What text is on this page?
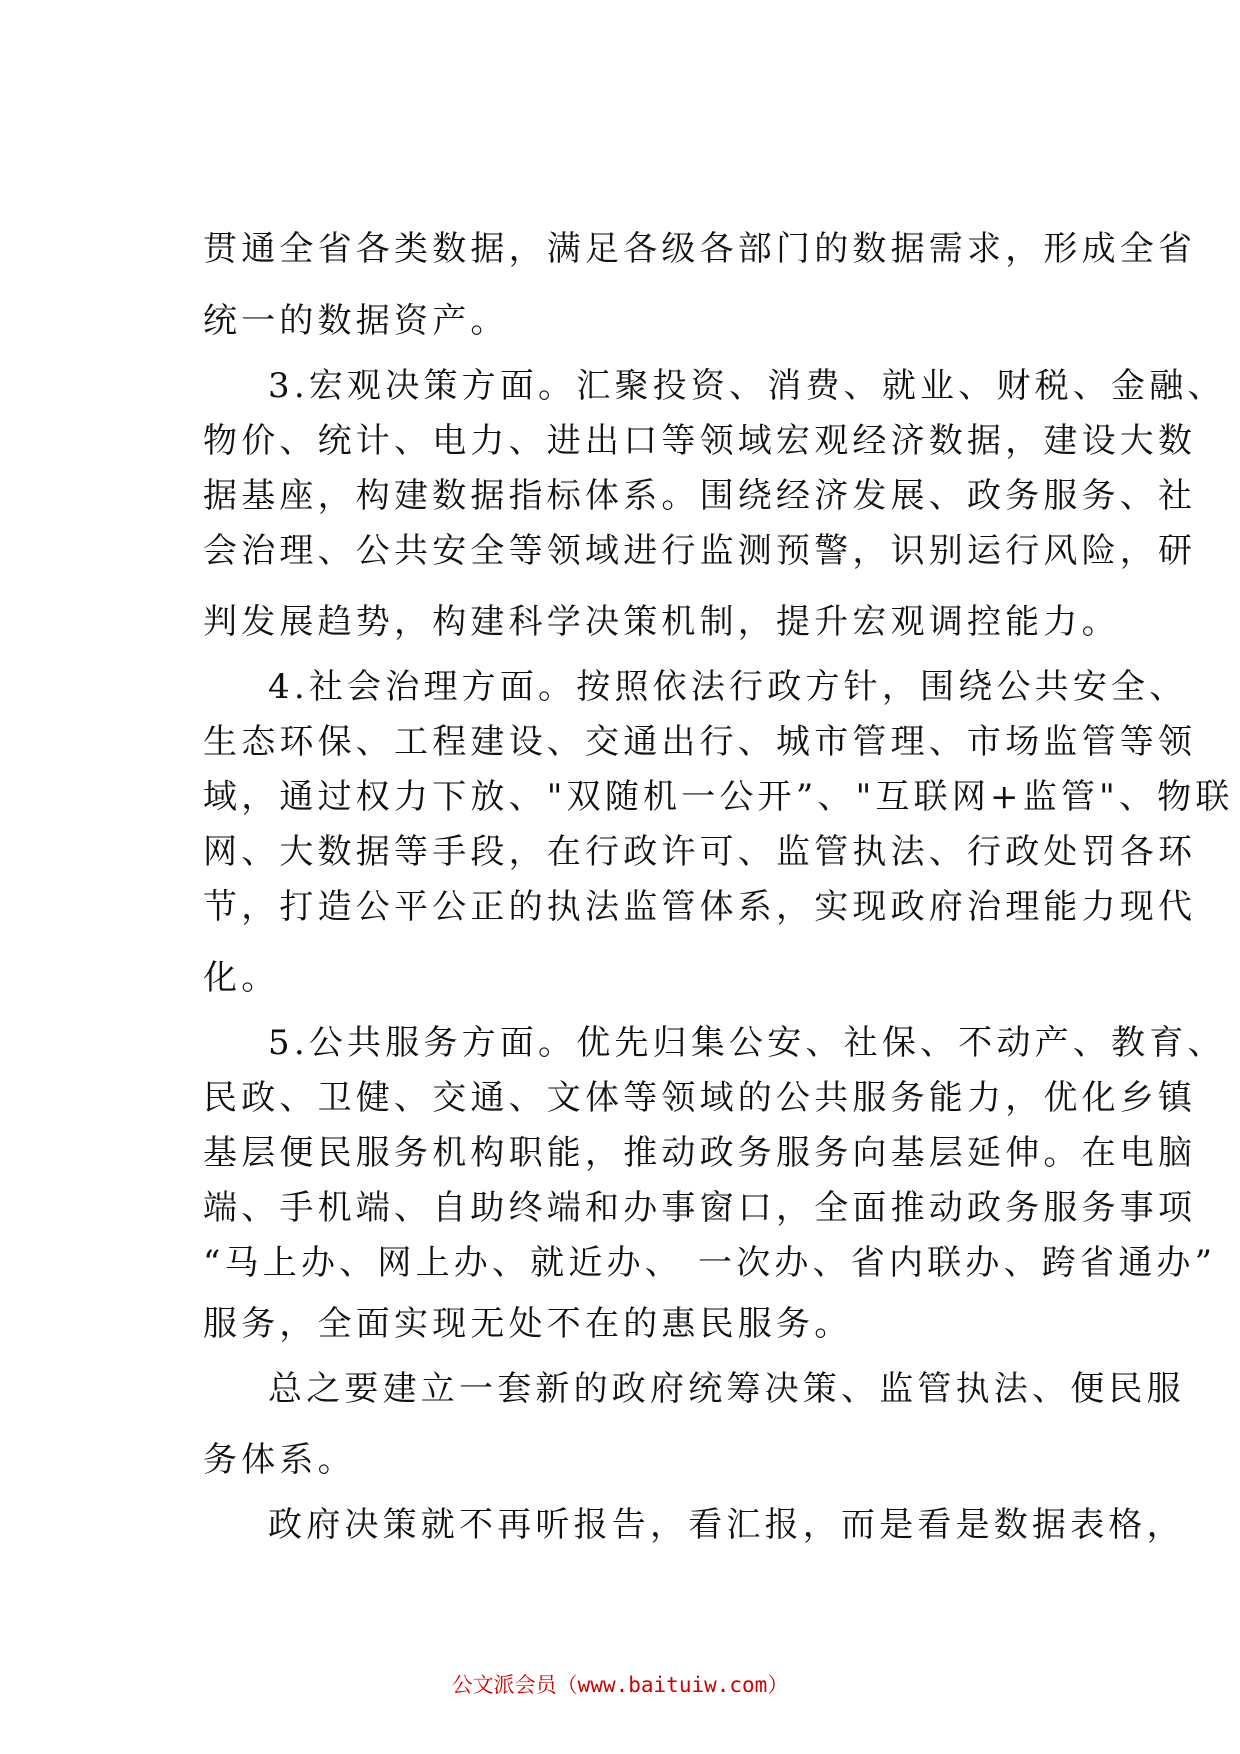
贯通全省各类数据，满足各级各部门的数据需求，形成全省
统一的数据资产。
3.宏观决策方面。汇聚投资、消费、就业、财税、金融、
物价、统计、电力、进出口等领域宏观经济数据，建设大数
据基座，构建数据指标体系。围绕经济发展、政务服务、社
会治理、公共安全等领域进行监测预警，识别运行风险，研
判发展趋势，构建科学决策机制，提升宏观调控能力。
4.社会治理方面。按照依法行政方针，围绕公共安全、
生态环保、工程建设、交通出行、城市管理、市场监管等领
域，通过权力下放、"双随机一公开”、"互联网+监管"、物联
网、大数据等手段，在行政许可、监管执法、行政处罚各环
节，打造公平公正的执法监管体系，实现政府治理能力现代
化。
5.公共服务方面。优先归集公安、社保、不动产、教育、
民政、卫健、交通、文体等领域的公共服务能力，优化乡镇
基层便民服务机构职能，推动政务服务向基层延伸。在电脑
端、手机端、自助终端和办事窗口，全面推动政务服务事项
“马上办、网上办、就近办、 一次办、省内联办、跨省通办”
服务，全面实现无处不在的惠民服务。
总之要建立一套新的政府统筹决策、监管执法、便民服
务体系。
政府决策就不再听报告，看汇报，而是看是数据表格，
公文派会员（www.baituiw.com）
